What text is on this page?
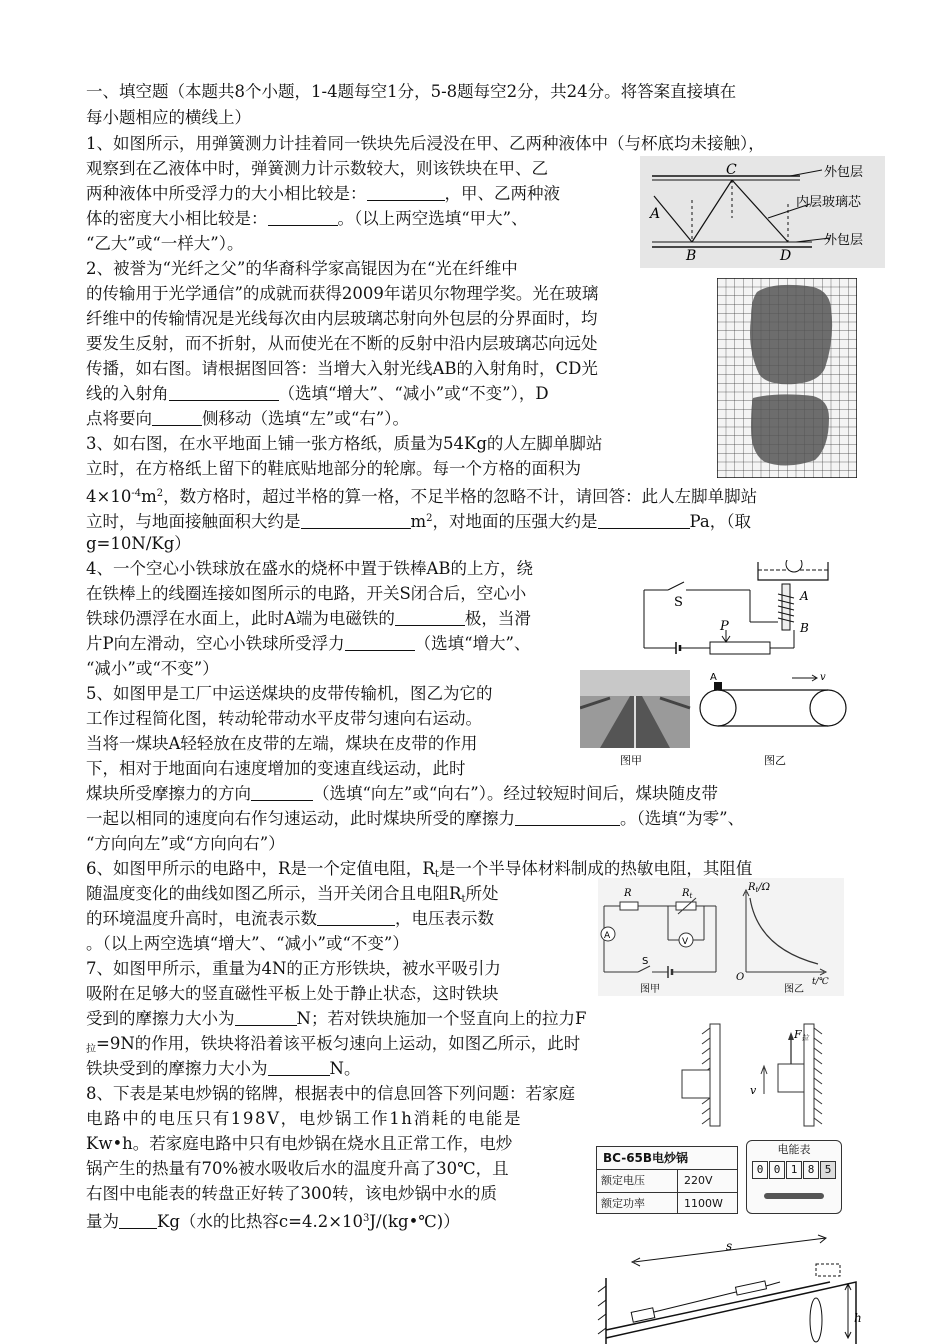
一、填空题（本题共8个小题，1-4题每空1分，5-8题每空2分，共24分。将答案直接填在
每小题相应的横线上）
1、如图所示，用弹簧测力计挂着同一铁块先后浸没在甲、乙两种液体中（与杯底均未接触），
观察到在乙液体中时，弹簧测力计示数较大，则该铁块在甲、乙
两种液体中所受浮力的大小相比较是：	，甲、乙两种液
体的密度大小相比较是：	。（以上两空选填“甲大”、
“乙大”或“一样大”）。
2、被誉为“光纤之父”的华裔科学家高锟因为在“光在纤维中
的传输用于光学通信”的成就而获得2009年诺贝尔物理学奖。光在玻璃
纤维中的传输情况是光线每次由内层玻璃芯射向外包层的分界面时，均
要发生反射，而不折射，从而使光在不断的反射中沿内层玻璃芯向远处
传播，如右图。请根据图回答：当增大入射光线AB的入射角时，CD光
线的入射角	（选填“增大”、“减小”或“不变”），D
点将要向	侧移动（选填“左”或“右”）。
3、如右图，在水平地面上铺一张方格纸，质量为54Kg的人左脚单脚站
立时，在方格纸上留下的鞋底贴地部分的轮廓。每一个方格的面积为
$4\times 10^{-4}m^2$，数方格时，超过半格的算一格，不足半格的忽略不计，请回答：此人左脚单脚站
立时，与地面接触面积大约是	$m^2$，对地面的压强大约是	Pa，（取
g=10N/Kg）
4、一个空心小铁球放在盛水的烧杯中置于铁棒AB的上方，绕
在铁棒上的线圈连接如图所示的电路，开关S闭合后，空心小
铁球仍漂浮在水面上，此时A端为电磁铁的	极，当滑
片P向左滑动，空心小铁球所受浮力	（选填“增大”、
“减小”或“不变”）
5、如图甲是工厂中运送煤块的皮带传输机，图乙为它的
工作过程简化图，转动轮带动水平皮带匀速向右运动。
当将一煤块A轻轻放在皮带的左端，煤块在皮带的作用
下，相对于地面向右速度增加的变速直线运动，此时
煤块所受摩擦力的方向	（选填“向左”或“向右”）。经过较短时间后，煤块随皮带
一起以相同的速度向右作匀速运动，此时煤块所受的摩擦力	。（选填“为零”、
“方向向左”或“方向向右”）
6、如图甲所示的电路中，R是一个定值电阻，$R_t$是一个半导体材料制成的热敏电阻，其阻值
随温度变化的曲线如图乙所示，当开关闭合且电阻$R_t$所处
的环境温度升高时，电流表示数	，电压表示数
。（以上两空选填“增大”、“减小”或“不变”）
7、如图甲所示，重量为4N的正方形铁块，被水平吸引力
吸附在足够大的竖直磁性平板上处于静止状态，这时铁块
受到的摩擦力大小为	N；若对铁块施加一个竖直向上的拉力F
$_拉$=9N的作用，铁块将沿着该平板匀速向上运动，如图乙所示，此时
铁块受到的摩擦力大小为	N。
8、下表是某电炒锅的铭牌，根据表中的信息回答下列问题：若家庭
电路中的电压只有198V，电炒锅工作1h消耗的电能是
Kw•h。若家庭电路中只有电炒锅在烧水且正常工作，电炒
锅产生的热量有70%被水吸收后水的温度升高了30℃，且
右图中电能表的转盘正好转了300转，该电炒锅中水的质
量为 Kg（水的比热容$c=4.2\times 10^3J/(kg•℃)$）
A
B
C
D
外包层
内层玻璃芯
外包层
S
P
A
B
图甲
A	v
图乙
R	$R_t$
A
V
S
图甲
$R_t/\Omega$
O	t/℃
图乙
v
F拉
BC-65B电炒锅
额定电压	220V
额定功率	1100W
电能表
0 0 1 8 5
s
h
